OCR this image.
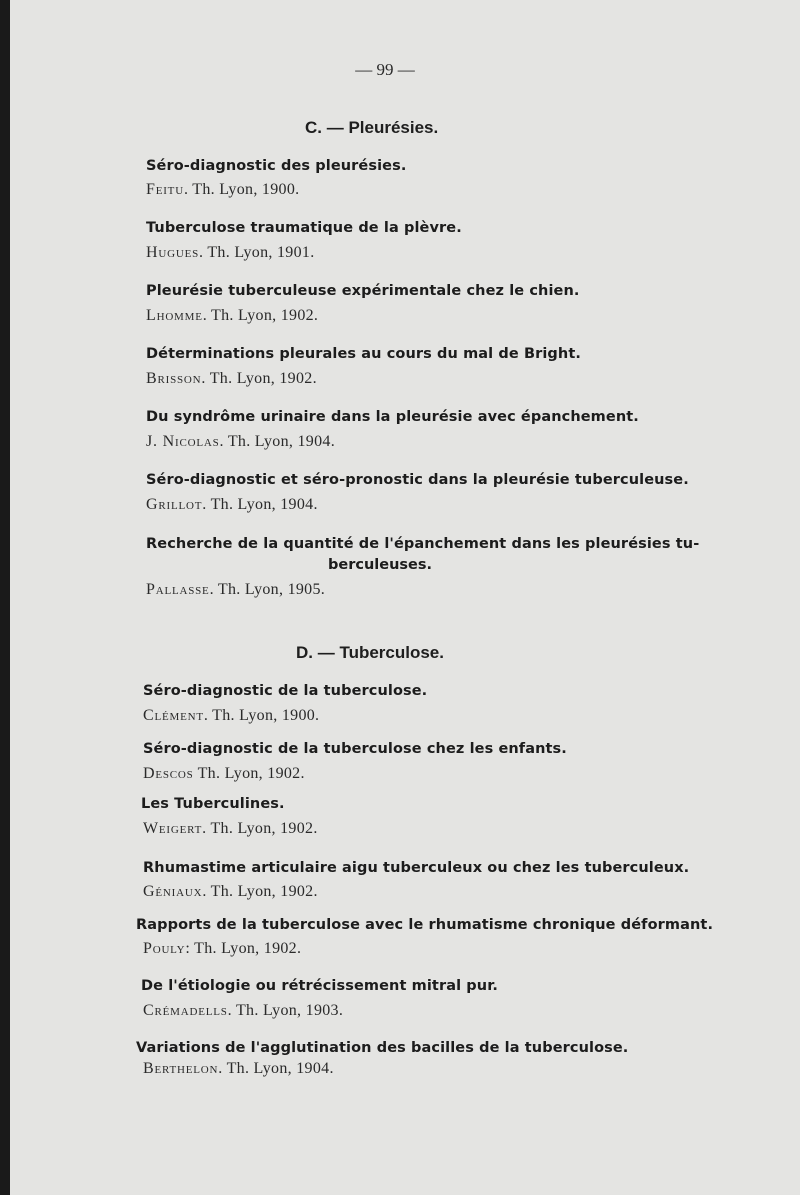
— 99 —
C. — Pleurésies.
Séro-diagnostic des pleurésies.
Feitu. Th. Lyon, 1900.
Tuberculose traumatique de la plèvre.
Hugues. Th. Lyon, 1901.
Pleurésie tuberculeuse expérimentale chez le chien.
Lhomme. Th. Lyon, 1902.
Déterminations pleurales au cours du mal de Bright.
Brisson. Th. Lyon, 1902.
Du syndrôme urinaire dans la pleurésie avec épanchement.
J. Nicolas. Th. Lyon, 1904.
Séro-diagnostic et séro-pronostic dans la pleurésie tuberculeuse.
Grillot. Th. Lyon, 1904.
Recherche de la quantité de l'épanchement dans les pleurésies tu-
berculeuses.
Pallasse. Th. Lyon, 1905.
D. — Tuberculose.
Séro-diagnostic de la tuberculose.
Clément. Th. Lyon, 1900.
Séro-diagnostic de la tuberculose chez les enfants.
Descos Th. Lyon, 1902.
Les Tuberculines.
Weigert. Th. Lyon, 1902.
Rhumastime articulaire aigu tuberculeux ou chez les tuberculeux.
Géniaux. Th. Lyon, 1902.
Rapports de la tuberculose avec le rhumatisme chronique déformant.
Pouly: Th. Lyon, 1902.
De l'étiologie ou rétrécissement mitral pur.
Crémadells. Th. Lyon, 1903.
Variations de l'agglutination des bacilles de la tuberculose.
Berthelon. Th. Lyon, 1904.
